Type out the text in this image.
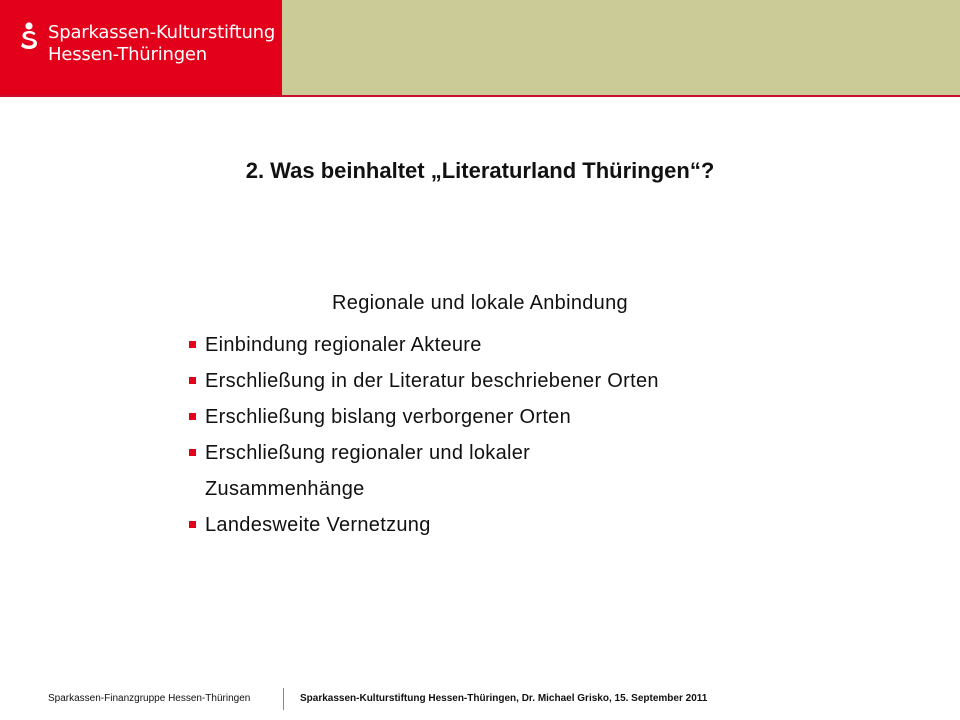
Sparkassen-Kulturstiftung
Hessen-Thüringen
2. Was beinhaltet „Literaturland Thüringen“?
Regionale und lokale Anbindung
Einbindung regionaler Akteure
Erschließung in der Literatur beschriebener Orten
Erschließung bislang verborgener Orten
Erschließung regionaler und lokaler Zusammenhänge
Landesweite Vernetzung
Sparkassen-Finanzgruppe Hessen-Thüringen	Sparkassen-Kulturstiftung Hessen-Thüringen, Dr. Michael Grisko, 15. September 2011
